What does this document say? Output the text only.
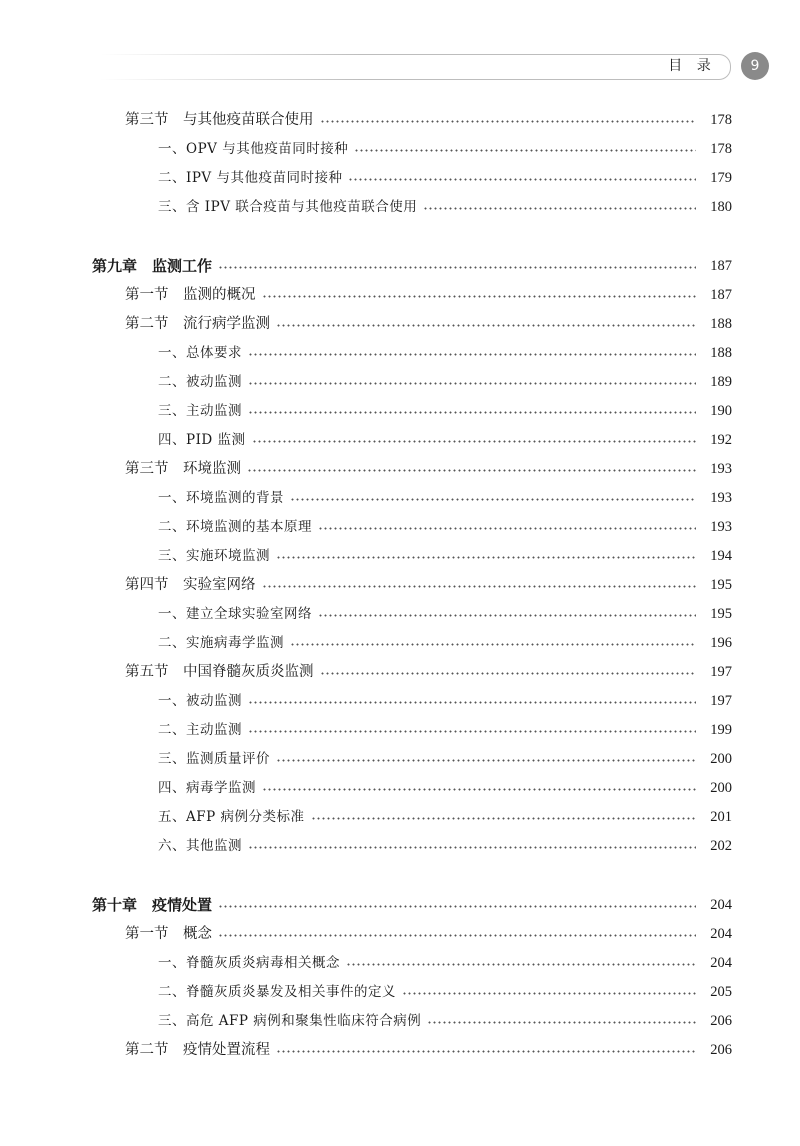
目 录	9
第三节　与其他疫苗联合使用	178
一、OPV 与其他疫苗同时接种	178
二、IPV 与其他疫苗同时接种	179
三、含 IPV 联合疫苗与其他疫苗联合使用	180
第九章　监测工作	187
第一节　监测的概况	187
第二节　流行病学监测	188
一、总体要求	188
二、被动监测	189
三、主动监测	190
四、PID 监测	192
第三节　环境监测	193
一、环境监测的背景	193
二、环境监测的基本原理	193
三、实施环境监测	194
第四节　实验室网络	195
一、建立全球实验室网络	195
二、实施病毒学监测	196
第五节　中国脊髓灰质炎监测	197
一、被动监测	197
二、主动监测	199
三、监测质量评价	200
四、病毒学监测	200
五、AFP 病例分类标准	201
六、其他监测	202
第十章　疫情处置	204
第一节　概念	204
一、脊髓灰质炎病毒相关概念	204
二、脊髓灰质炎暴发及相关事件的定义	205
三、高危 AFP 病例和聚集性临床符合病例	206
第二节　疫情处置流程	206
